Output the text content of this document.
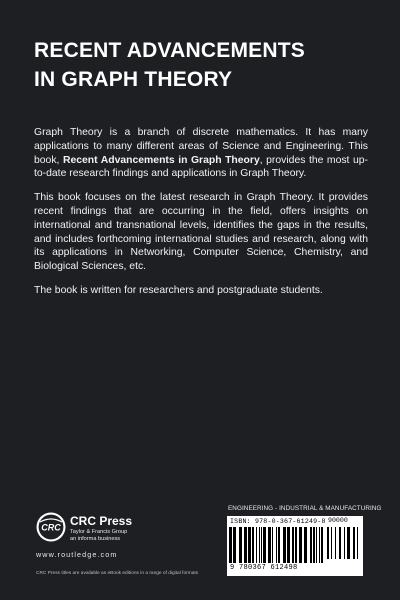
RECENT ADVANCEMENTS
IN GRAPH THEORY

Graph Theory is a branch of discrete mathematics. It has many applications to many different areas of Science and Engineering. This book, Recent Advancements in Graph Theory, provides the most up-to-date research findings and applications in Graph Theory.

This book focuses on the latest research in Graph Theory. It provides recent findings that are occurring in the field, offers insights on international and transnational levels, identifies the gaps in the results, and includes forthcoming international studies and research, along with its applications in Networking, Computer Science, Chemistry, and Biological Sciences, etc.

The book is written for researchers and postgraduate students.

CRC CRC Press
Taylor & Francis Group
an informa business
www.routledge.com
CRC Press titles are available as eBook editions in a range of digital formats
ENGINEERING - INDUSTRIAL & MANUFACTURING
ISBN: 978-0-367-61249-8 90000
9 780367 612498
